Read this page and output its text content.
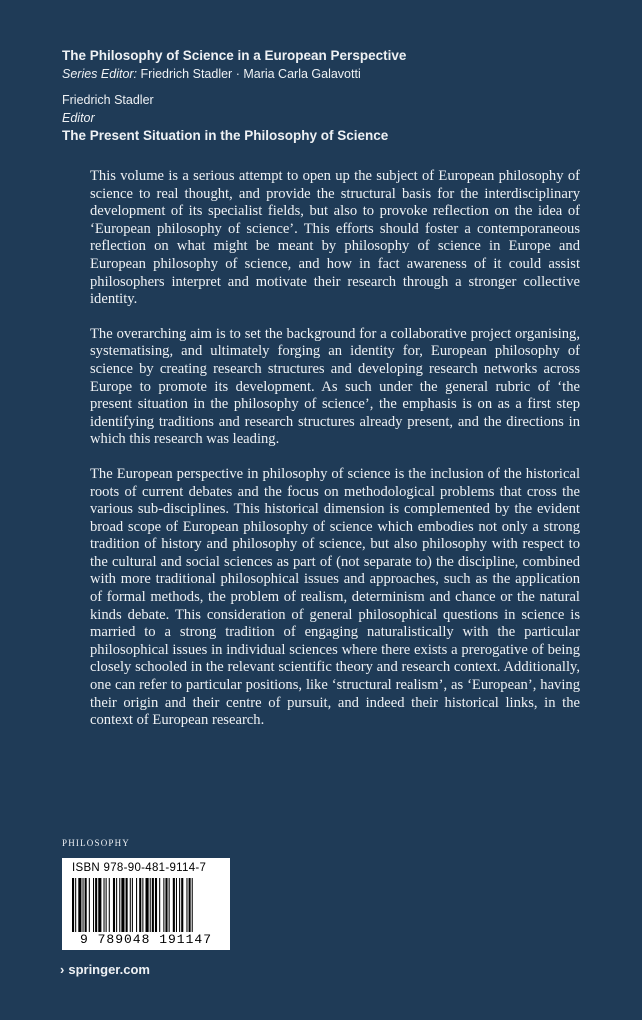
The Philosophy of Science in a European Perspective
Series Editor: Friedrich Stadler · Maria Carla Galavotti
Friedrich Stadler
Editor
The Present Situation in the Philosophy of Science

This volume is a serious attempt to open up the subject of European philosophy of science to real thought, and provide the structural basis for the interdisciplinary development of its specialist fields, but also to provoke reflection on the idea of ‘European philosophy of science’. This efforts should foster a contemporaneous reflection on what might be meant by philosophy of science in Europe and European philosophy of science, and how in fact awareness of it could assist philosophers interpret and motivate their research through a stronger collective identity.

The overarching aim is to set the background for a collaborative project organising, systematising, and ultimately forging an identity for, European philosophy of science by creating research structures and developing research networks across Europe to promote its development. As such under the general rubric of ‘the present situation in the philosophy of science’, the emphasis is on as a first step identifying traditions and research structures already present, and the directions in which this research was leading.

The European perspective in philosophy of science is the inclusion of the historical roots of current debates and the focus on methodological problems that cross the various sub-disciplines. This historical dimension is complemented by the evident broad scope of European philosophy of science which embodies not only a strong tradition of history and philosophy of science, but also philosophy with respect to the cultural and social sciences as part of (not separate to) the discipline, combined with more traditional philosophical issues and approaches, such as the application of formal methods, the problem of realism, determinism and chance or the natural kinds debate. This consideration of general philosophical questions in science is married to a strong tradition of engaging naturalistically with the particular philosophical issues in individual sciences where there exists a prerogative of being closely schooled in the relevant scientific theory and research context. Additionally, one can refer to particular positions, like ‘structural realism’, as ‘European’, having their origin and their centre of pursuit, and indeed their historical links, in the context of European research.

PHILOSOPHY
ISBN 978-90-481-9114-7
9 789048 191147
› springer.com
